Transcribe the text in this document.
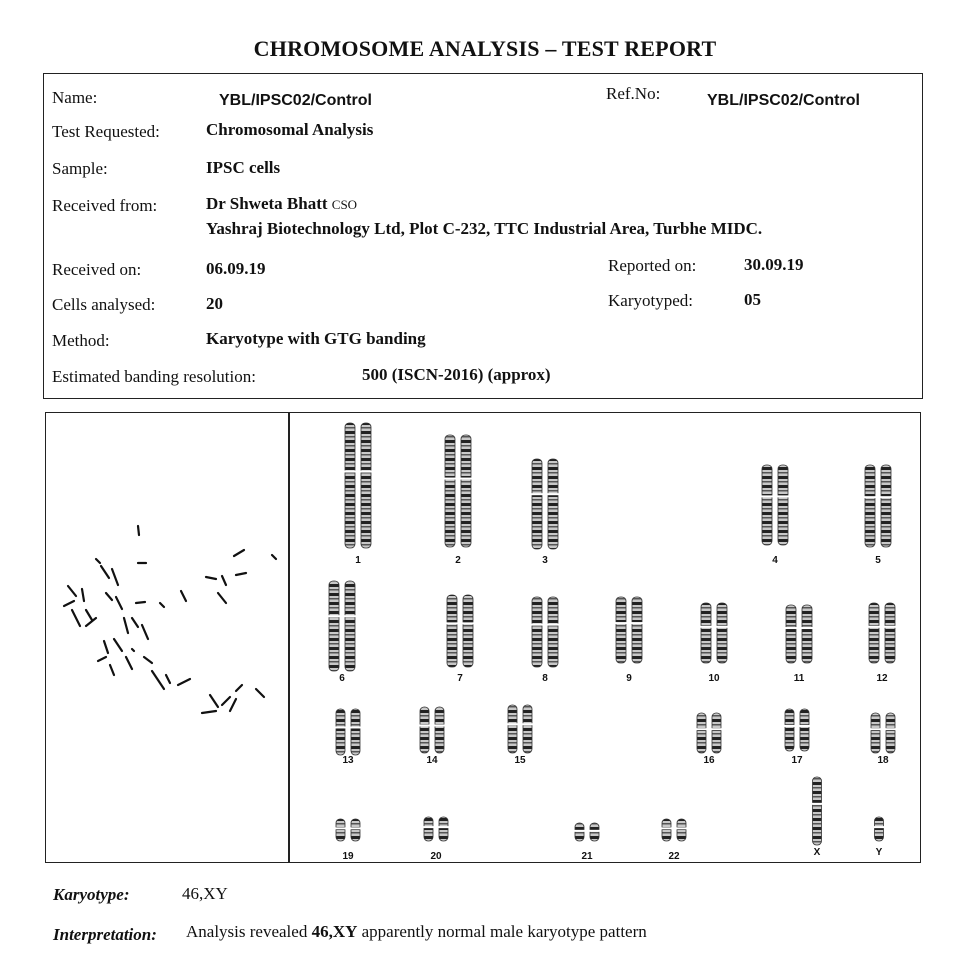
CHROMOSOME ANALYSIS – TEST REPORT
Name:	YBL/IPSC02/Control	Ref.No:	YBL/IPSC02/Control
Test Requested:	Chromosomal Analysis
Sample:	IPSC cells
Received from:	Dr Shweta Bhatt CSO
Yashraj Biotechnology Ltd, Plot C-232, TTC Industrial Area, Turbhe MIDC.
Received on:	06.09.19	Reported on:	30.09.19
Cells analysed:	20	Karyotyped:	05
Method:	Karyotype with GTG banding
Estimated banding resolution:	500 (ISCN-2016) (approx)
1	2	3	4	5
6	7	8	9	10	11	12
13	14	15	16	17	18
19	20	21	22	X	Y
Karyotype:	46,XY
Interpretation: Analysis revealed 46,XY apparently normal male karyotype pattern
